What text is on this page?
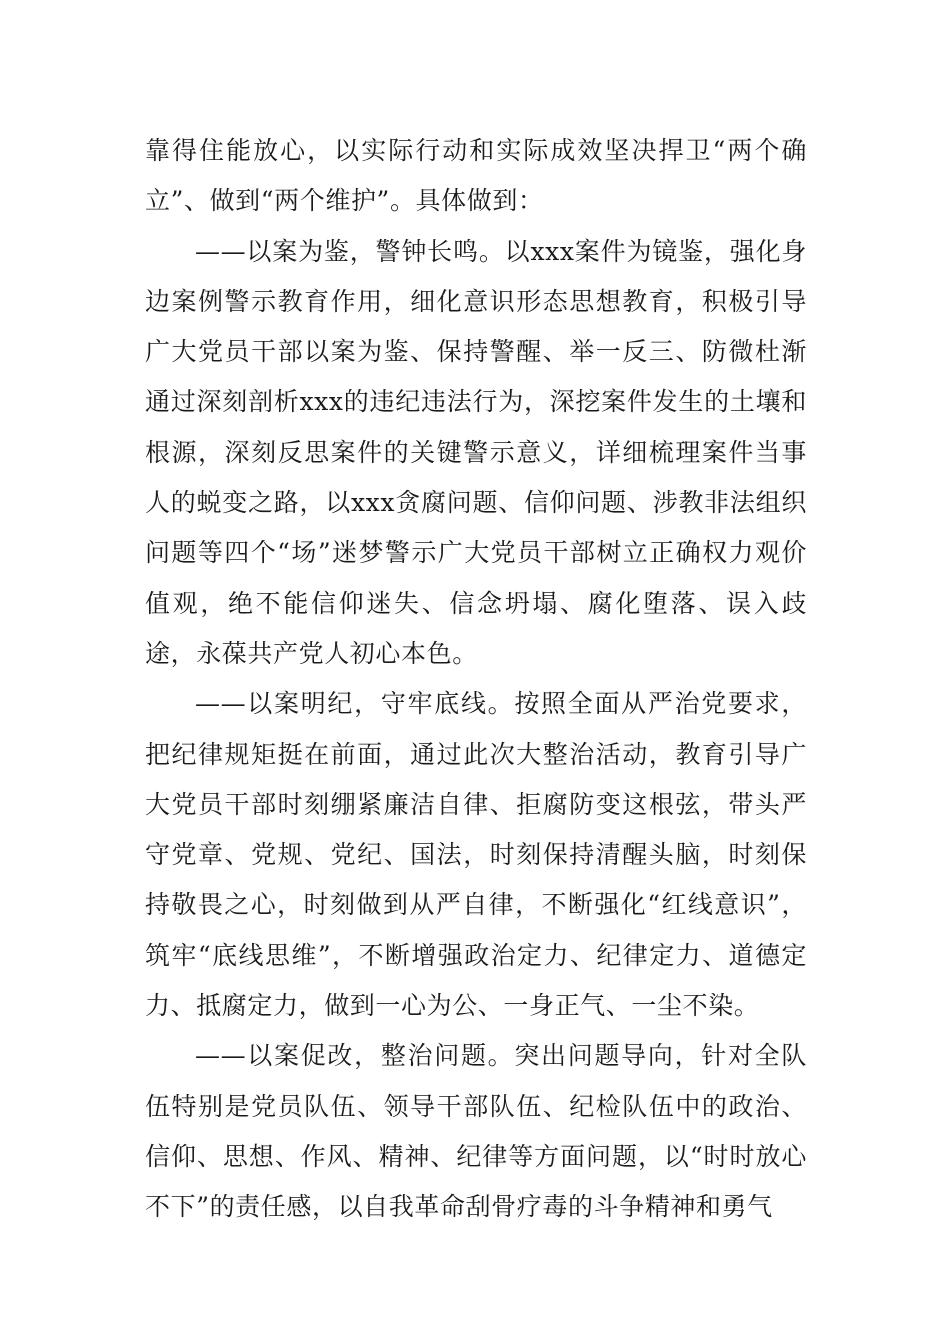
靠得住能放心，以实际行动和实际成效坚决捍卫“两个确立”、做到“两个维护”。具体做到：

——以案为鉴，警钟长鸣。以xxx案件为镜鉴，强化身边案例警示教育作用，细化意识形态思想教育，积极引导广大党员干部以案为鉴、保持警醒、举一反三、防微杜渐通过深刻剖析xxx的违纪违法行为，深挖案件发生的土壤和根源，深刻反思案件的关键警示意义，详细梳理案件当事人的蜕变之路，以xxx贪腐问题、信仰问题、涉教非法组织问题等四个“场”迷梦警示广大党员干部树立正确权力观价值观，绝不能信仰迷失、信念坍塌、腐化堕落、误入歧途，永葆共产党人初心本色。

——以案明纪，守牢底线。按照全面从严治党要求，把纪律规矩挺在前面，通过此次大整治活动，教育引导广大党员干部时刻绷紧廉洁自律、拒腐防变这根弦，带头严守党章、党规、党纪、国法，时刻保持清醒头脑，时刻保持敬畏之心，时刻做到从严自律，不断强化“红线意识”，筑牢“底线思维”，不断增强政治定力、纪律定力、道德定力、抵腐定力，做到一心为公、一身正气、一尘不染。

——以案促改，整治问题。突出问题导向，针对全队伍特别是党员队伍、领导干部队伍、纪检队伍中的政治、信仰、思想、作风、精神、纪律等方面问题，以“时时放心不下”的责任感，以自我革命刮骨疗毒的斗争精神和勇气
